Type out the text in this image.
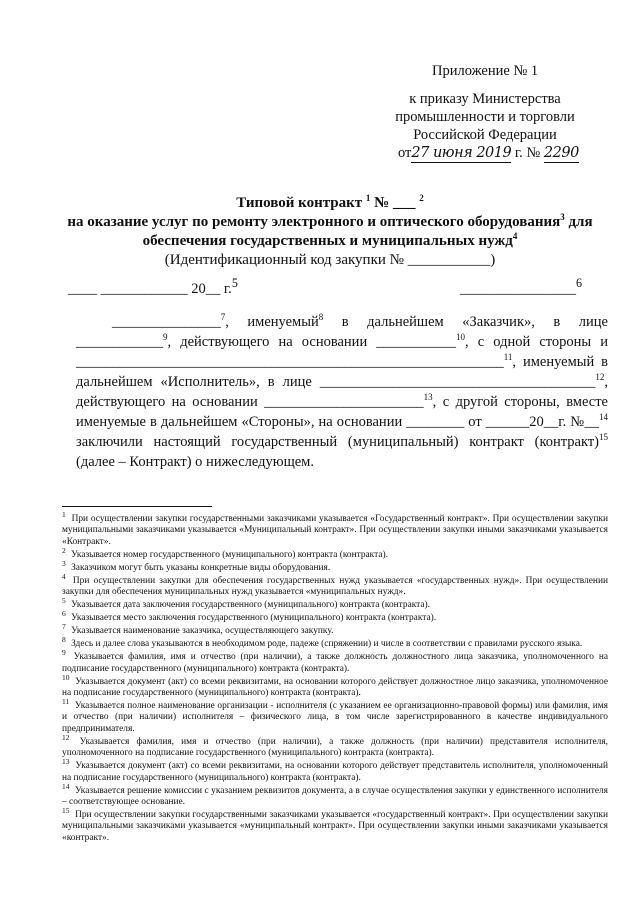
Приложение № 1
к приказу Министерства
промышленности и торговли
Российской Федерации
от27 июня 2019 г. № 2290
Типовой контракт $^1$ № ___ $^2$
на оказание услуг по ремонту электронного и оптического оборудования$^3$ для
обеспечения государственных и муниципальных нужд$^4$
(Идентификационный код закупки № ___________)
____ ____________ 20__ г.$^5$	________________$^6$

_______________$^7$, именуемый$^8$ в дальнейшем «Заказчик», в лице ____________$^9$, действующего на основании ___________$^{10}$, с одной стороны и ___________________________________________________________$^{11}$, именуемый в дальнейшем «Исполнитель», в лице ______________________________________$^{12}$, действующего на основании ______________________$^{13}$, с другой стороны, вместе именуемые в дальнейшем «Стороны», на основании ________ от ______20__г. №__$^{14}$ заключили настоящий государственный (муниципальный) контракт (контракт)$^{15}$ (далее – Контракт) о нижеследующем.

$^1$ При осуществлении закупки государственными заказчиками указывается «Государственный контракт». При осуществлении закупки муниципальными заказчиками указывается «Муниципальный контракт». При осуществлении закупки иными заказчиками указывается «Контракт».

$^2$ Указывается номер государственного (муниципального) контракта (контракта).

$^3$ Заказчиком могут быть указаны конкретные виды оборудования.

$^4$ При осуществлении закупки для обеспечения государственных нужд указывается «государственных нужд». При осуществлении закупки для обеспечения муниципальных нужд указывается «муниципальных нужд».

$^5$ Указывается дата заключения государственного (муниципального) контракта (контракта).

$^6$ Указывается место заключения государственного (муниципального) контракта (контракта).

$^7$ Указывается наименование заказчика, осуществляющего закупку.

$^8$ Здесь и далее слова указываются в необходимом роде, падеже (спряжении) и числе в соответствии с правилами русского языка.

$^9$ Указывается фамилия, имя и отчество (при наличии), а также должность должностного лица заказчика, уполномоченного на подписание государственного (муниципального) контракта (контракта).

$^{10}$ Указывается документ (акт) со всеми реквизитами, на основании которого действует должностное лицо заказчика, уполномоченное на подписание государственного (муниципального) контракта (контракта).

$^{11}$ Указывается полное наименование организации - исполнителя (с указанием ее организационно-правовой формы) или фамилия, имя и отчество (при наличии) исполнителя – физического лица, в том числе зарегистрированного в качестве индивидуального предпринимателя.

$^{12}$ Указывается фамилия, имя и отчество (при наличии), а также должность (при наличии) представителя исполнителя, уполномоченного на подписание государственного (муниципального) контракта (контракта).

$^{13}$ Указывается документ (акт) со всеми реквизитами, на основании которого действует представитель исполнителя, уполномоченный на подписание государственного (муниципального) контракта (контракта).

$^{14}$ Указывается решение комиссии с указанием реквизитов документа, а в случае осуществления закупки у единственного исполнителя – соответствующее основание.

$^{15}$ При осуществлении закупки государственными заказчиками указывается «государственный контракт». При осуществлении закупки муниципальными заказчиками указывается «муниципальный контракт». При осуществлении закупки иными заказчиками указывается «контракт».
